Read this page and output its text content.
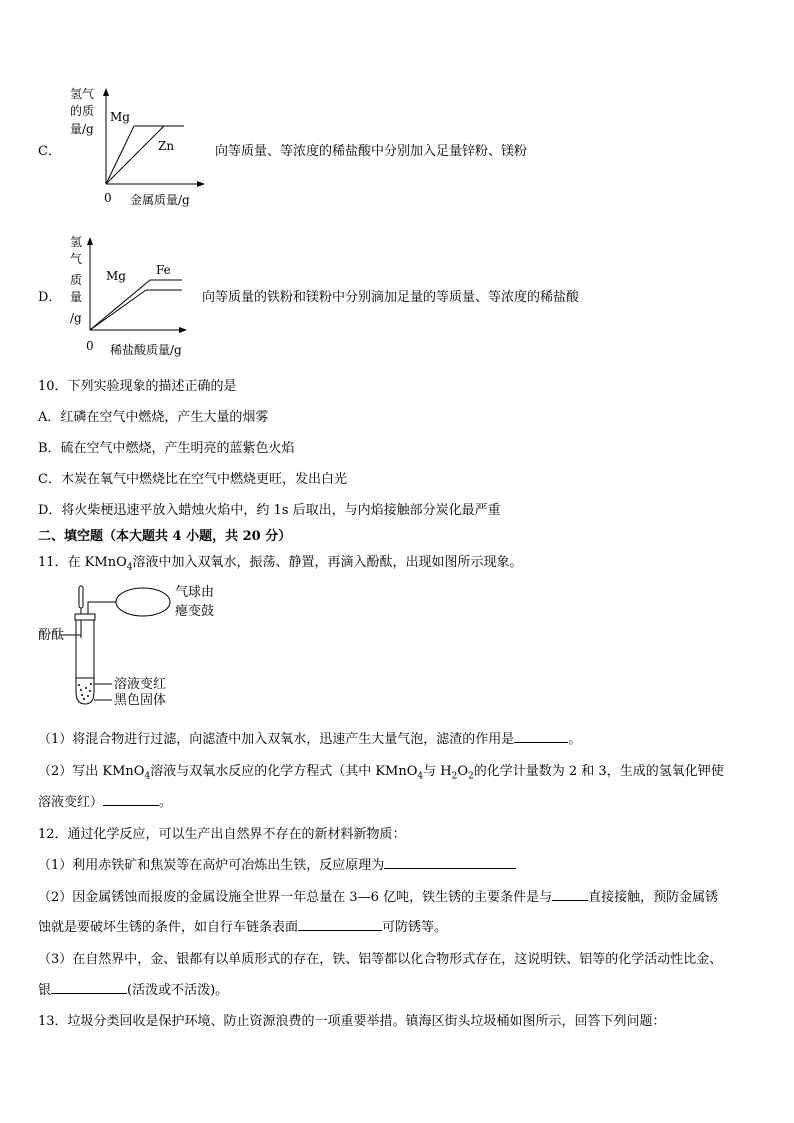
C．
氢气
的质
量/g
Mg
Zn
0 金属质量/g
向等质量、等浓度的稀盐酸中分别加入足量锌粉、镁粉
D．
氢
气
质
量
/g
Mg	Fe
0 稀盐酸质量/g
向等质量的铁粉和镁粉中分别滴加足量的等质量、等浓度的稀盐酸
10．下列实验现象的描述正确的是
A．红磷在空气中燃烧，产生大量的烟雾
B．硫在空气中燃烧，产生明亮的蓝紫色火焰
C．木炭在氧气中燃烧比在空气中燃烧更旺，发出白光
D．将火柴梗迅速平放入蜡烛火焰中，约 1s 后取出，与内焰接触部分炭化最严重
二、填空题（本大题共 4 小题，共 20 分）
11．在 KMnO$_4$溶液中加入双氧水，振荡、静置，再滴入酚酞，出现如图所示现象。
气球由
瘪变鼓
酚酞
溶液变红
黑色固体
（1）将混合物进行过滤，向滤渣中加入双氧水，迅速产生大量气泡，滤渣的作用是	。
（2）写出 KMnO$_4$溶液与双氧水反应的化学方程式（其中 KMnO$_4$与 $H_2O_2$的化学计量数为 2 和 3，生成的氢氧化钾使
溶液变红）	。
12．通过化学反应，可以生产出自然界不存在的新材料新物质：
（1）利用赤铁矿和焦炭等在高炉可冶炼出生铁，反应原理为
（2）因金属锈蚀而报废的金属设施全世界一年总量在 3—6 亿吨，铁生锈的主要条件是与	直接接触，预防金属锈
蚀就是要破坏生锈的条件，如自行车链条表面	可防锈等。
（3）在自然界中，金、银都有以单质形式的存在，铁、铝等都以化合物形式存在，这说明铁、铝等的化学活动性比金、
银	(活泼或不活泼)。
13．垃圾分类回收是保护环境、防止资源浪费的一项重要举措。镇海区街头垃圾桶如图所示，回答下列问题：
